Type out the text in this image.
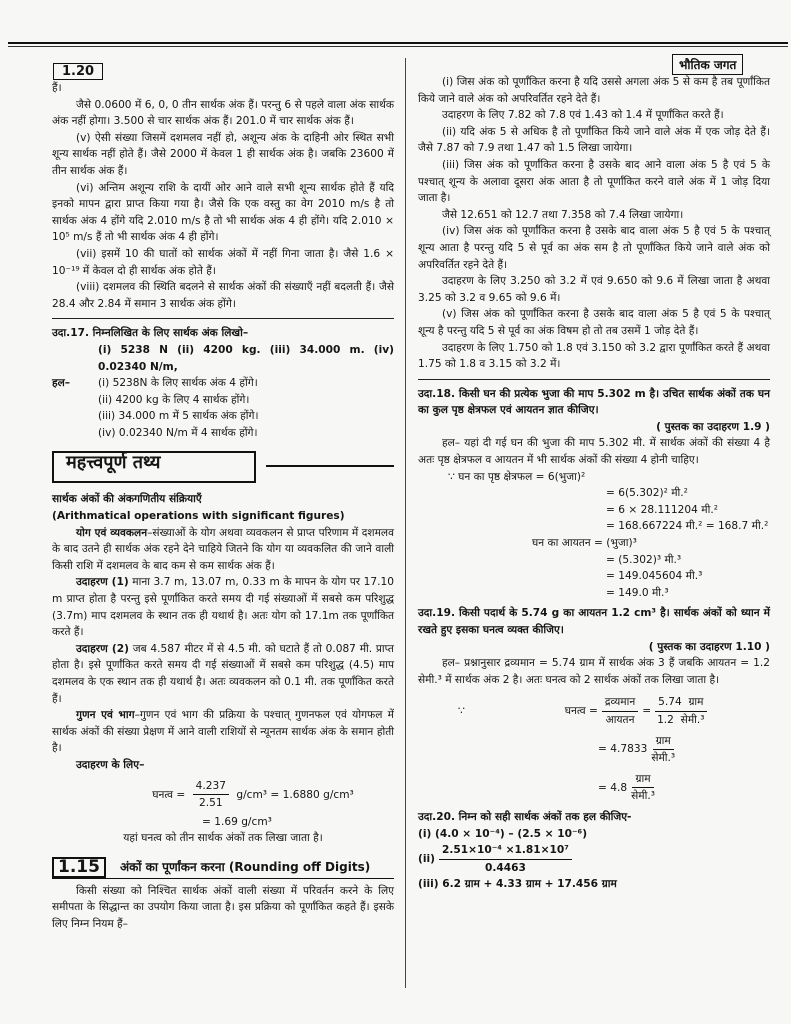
1.20	भौतिक जगत

हैं।

जैसे 0.0600 में 6, 0, 0 तीन सार्थक अंक हैं। परन्तु 6 से पहले वाला अंक सार्थक अंक नहीं होगा। 3.500 से चार सार्थक अंक हैं। 201.0 में चार सार्थक अंक हैं।

(v) ऐसी संख्या जिसमें दशमलव नहीं हो, अशून्य अंक के दाहिनी ओर स्थित सभी शून्य सार्थक नहीं होते हैं। जैसे 2000 में केवल 1 ही सार्थक अंक है। जबकि 23600 में तीन सार्थक अंक हैं।

(vi) अन्तिम अशून्य राशि के दायीं ओर आने वाले सभी शून्य सार्थक होते हैं यदि इनको मापन द्वारा प्राप्त किया गया है। जैसे कि एक वस्तु का वेग 2010 m/s है तो सार्थक अंक 4 होंगे यदि 2.010 m/s है तो भी सार्थक अंक 4 ही होंगे। यदि 2.010 × 10⁵ m/s हैं तो भी सार्थक अंक 4 ही होंगे।

(vii) इसमें 10 की घातों को सार्थक अंकों में नहीं गिना जाता है। जैसे 1.6 × 10⁻¹⁹ में केवल दो ही सार्थक अंक होते हैं।

(viii) दशमलव की स्थिति बदलने से सार्थक अंकों की संख्याएँ नहीं बदलती हैं। जैसे 28.4 और 2.84 में समान 3 सार्थक अंक होंगे।

उदा.17. निम्नलिखित के लिए सार्थक अंक लिखो–

(i) 5238 N (ii) 4200 kg. (iii) 34.000 m. (iv) 0.02340 N/m,

हल–	(i) 5238N के लिए सार्थक अंक 4 होंगे।
(ii) 4200 kg के लिए 4 सार्थक होंगे।
(iii) 34.000 m में 5 सार्थक अंक होंगे।
(iv) 0.02340 N/m में 4 सार्थक होंगे।
महत्त्वपूर्ण तथ्य

सार्थक अंकों की अंकगणितीय संक्रियाएँ

(Arithmatical operations with significant figures)

योग एवं व्यवकलन–संख्याओं के योग अथवा व्यवकलन से प्राप्त परिणाम में दशमलव के बाद उतने ही सार्थक अंक रहने देने चाहिये जितने कि योग या व्यवकलित की जाने वाली किसी राशि में दशमलव के बाद कम से कम सार्थक अंक हैं।

उदाहरण (1) माना 3.7 m, 13.07 m, 0.33 m के मापन के योग पर 17.10 m प्राप्त होता है परन्तु इसे पूर्णांकित करते समय दी गई संख्याओं में सबसे कम परिशुद्ध (3.7m) माप दशमलव के स्थान तक ही यथार्थ है। अतः योग को 17.1m तक पूर्णांकित करते हैं।

उदाहरण (2) जब 4.587 मीटर में से 4.5 मी. को घटाते हैं तो 0.087 मी. प्राप्त होता है। इसे पूर्णांकित करते समय दी गई संख्याओं में सबसे कम परिशुद्ध (4.5) माप दशमलव के एक स्थान तक ही यथार्थ है। अतः व्यवकलन को 0.1 मी. तक पूर्णांकित करते हैं।

गुणन एवं भाग–गुणन एवं भाग की प्रक्रिया के पश्चात् गुणनफल एवं योगफल में सार्थक अंकों की संख्या प्रेक्षण में आने वाली राशियों से न्यूनतम सार्थक अंक के समान होती है।

उदाहरण के लिए–

घनत्व = $\frac{4.237}{2.51} g/cm^3 = 1.6880$ g/cm³
= 1.69 g/cm³

यहां घनत्व को तीन सार्थक अंकों तक लिखा जाता है।

1.15	अंकों का पूर्णांकन करना (Rounding off Digits)

किसी संख्या को निश्चित सार्थक अंकों वाली संख्या में परिवर्तन करने के लिए समीपता के सिद्धान्त का उपयोग किया जाता है। इस प्रक्रिया को पूर्णांकित कहते हैं। इसके लिए निम्न नियम हैं–

(i) जिस अंक को पूर्णांकित करना है यदि उससे अगला अंक 5 से कम है तब पूर्णांकित किये जाने वाले अंक को अपरिवर्तित रहने देते हैं।

उदाहरण के लिए 7.82 को 7.8 एवं 1.43 को 1.4 में पूर्णांकित करते हैं।

(ii) यदि अंक 5 से अधिक है तो पूर्णांकित किये जाने वाले अंक में एक जोड़ देते हैं। जैसे 7.87 को 7.9 तथा 1.47 को 1.5 लिखा जायेगा।

(iii) जिस अंक को पूर्णांकित करना है उसके बाद आने वाला अंक 5 है एवं 5 के पश्चात् शून्य के अलावा दूसरा अंक आता है तो पूर्णांकित करने वाले अंक में 1 जोड़ दिया जाता है।

जैसे 12.651 को 12.7 तथा 7.358 को 7.4 लिखा जायेगा।

(iv) जिस अंक को पूर्णांकित करना है उसके बाद वाला अंक 5 है एवं 5 के पश्चात् शून्य आता है परन्तु यदि 5 से पूर्व का अंक सम है तो पूर्णांकित किये जाने वाले अंक को अपरिवर्तित रहने देते हैं।

उदाहरण के लिए 3.250 को 3.2 में एवं 9.650 को 9.6 में लिखा जाता है अथवा 3.25 को 3.2 व 9.65 को 9.6 में।

(v) जिस अंक को पूर्णांकित करना है उसके बाद वाला अंक 5 है एवं 5 के पश्चात् शून्य है परन्तु यदि 5 से पूर्व का अंक विषम हो तो तब उसमें 1 जोड़ देते हैं।

उदाहरण के लिए 1.750 को 1.8 एवं 3.150 को 3.2 द्वारा पूर्णांकित करते हैं अथवा 1.75 को 1.8 व 3.15 को 3.2 में।

उदा.18. किसी घन की प्रत्येक भुजा की माप 5.302 m है। उचित सार्थक अंकों तक घन का कुल पृष्ठ क्षेत्रफल एवं आयतन ज्ञात कीजिए।

( पुस्तक का उदाहरण 1.9 )

हल– यहां दी गई घन की भुजा की माप 5.302 मी. में सार्थक अंकों की संख्या 4 है अतः पृष्ठ क्षेत्रफल व आयतन में भी सार्थक अंकों की संख्या 4 होनी चाहिए।

∵ घन का पृष्ठ क्षेत्रफल = 6(भुजा)²
= 6(5.302)² मी.²
= 6 × 28.111204 मी.²
= 168.667224 मी.² = 168.7 मी.²
घन का आयतन = (भुजा)³
= (5.302)³ मी.³
= 149.045604 मी.³
= 149.0 मी.³

उदा.19. किसी पदार्थ के 5.74 g का आयतन 1.2 cm³ है। सार्थक अंकों को ध्यान में रखते हुए इसका घनत्व व्यक्त कीजिए।

( पुस्तक का उदाहरण 1.10 )

हल– प्रश्नानुसार द्रव्यमान = 5.74 ग्राम में सार्थक अंक 3 हैं जबकि आयतन = 1.2 सेमी.³ में सार्थक अंक 2 है। अतः घनत्व को 2 सार्थक अंकों तक लिखा जाता है।

∵	घनत्व = $\frac{\text{द्रव्यमान}}{\text{आयतन}} = \frac{\text{5.74 ग्राम}}{\text{1.2 सेमी.³}}$
= $4.7833 \frac{\text{ग्राम}}{\text{सेमी.³}}$
= $4.8 \frac{\text{ग्राम}}{\text{सेमी.³}}$

उदा.20. निम्न को सही सार्थक अंकों तक हल कीजिए-

(i) (4.0 × 10⁻⁴) – (2.5 × 10⁻⁶)
$(ii) \frac{\text{2.51×10⁻⁴ ×1.81×10⁷}}{0.4463}$
(iii) 6.2 ग्राम + 4.33 ग्राम + 17.456 ग्राम
